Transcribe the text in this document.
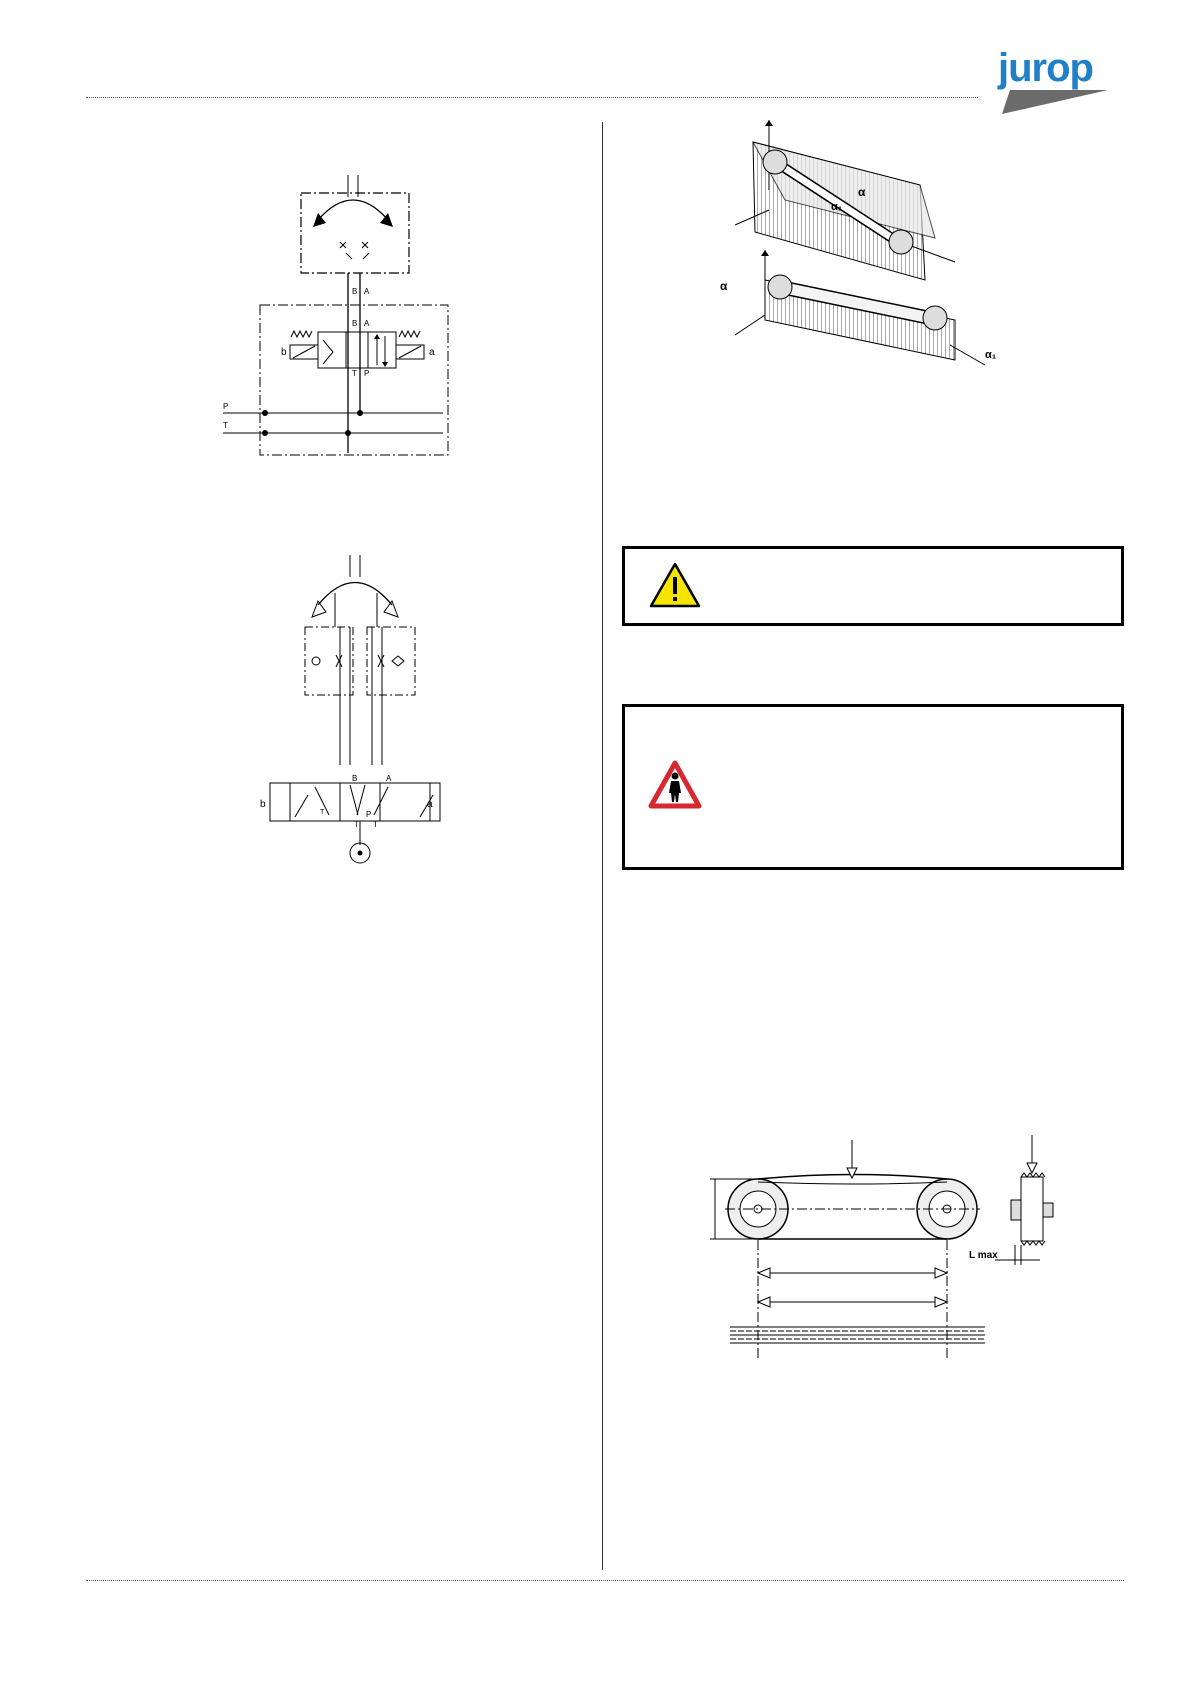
jurop
B A
B A
b	a
T P
P
T
B	A
b	a
T
T
P
T
α
α₁
α
α₁
L max
